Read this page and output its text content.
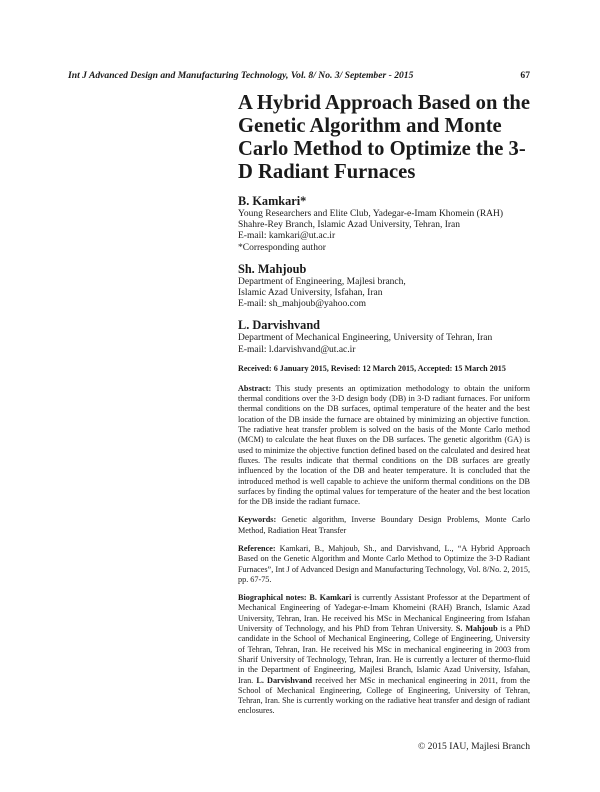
Int J Advanced Design and Manufacturing Technology, Vol. 8/ No. 3/ September - 2015	67
A Hybrid Approach Based on the Genetic Algorithm and Monte Carlo Method to Optimize the 3-D Radiant Furnaces
B. Kamkari*
Young Researchers and Elite Club, Yadegar-e-Imam Khomein (RAH)
Shahre-Rey Branch, Islamic Azad University, Tehran, Iran
E-mail: kamkari@ut.ac.ir
*Corresponding author
Sh. Mahjoub
Department of Engineering, Majlesi branch,
Islamic Azad University, Isfahan, Iran
E-mail: sh_mahjoub@yahoo.com
L. Darvishvand
Department of Mechanical Engineering, University of Tehran, Iran
E-mail: l.darvishvand@ut.ac.ir
Received: 6 January 2015, Revised: 12 March 2015, Accepted: 15 March 2015

Abstract: This study presents an optimization methodology to obtain the uniform thermal conditions over the 3-D design body (DB) in 3-D radiant furnaces. For uniform thermal conditions on the DB surfaces, optimal temperature of the heater and the best location of the DB inside the furnace are obtained by minimizing an objective function. The radiative heat transfer problem is solved on the basis of the Monte Carlo method (MCM) to calculate the heat fluxes on the DB surfaces. The genetic algorithm (GA) is used to minimize the objective function defined based on the calculated and desired heat fluxes. The results indicate that thermal conditions on the DB surfaces are greatly influenced by the location of the DB and heater temperature. It is concluded that the introduced method is well capable to achieve the uniform thermal conditions on the DB surfaces by finding the optimal values for temperature of the heater and the best location for the DB inside the radiant furnace.

Keywords: Genetic algorithm, Inverse Boundary Design Problems, Monte Carlo Method, Radiation Heat Transfer

Reference: Kamkari, B., Mahjoub, Sh., and Darvishvand, L., “A Hybrid Approach Based on the Genetic Algorithm and Monte Carlo Method to Optimize the 3-D Radiant Furnaces”, Int J of Advanced Design and Manufacturing Technology, Vol. 8/No. 2, 2015, pp. 67-75.

Biographical notes: B. Kamkari is currently Assistant Professor at the Department of Mechanical Engineering of Yadegar-e-Imam Khomeini (RAH) Branch, Islamic Azad University, Tehran, Iran. He received his MSc in Mechanical Engineering from Isfahan University of Technology, and his PhD from Tehran University. S. Mahjoub is a PhD candidate in the School of Mechanical Engineering, College of Engineering, University of Tehran, Tehran, Iran. He received his MSc in mechanical engineering in 2003 from Sharif University of Technology, Tehran, Iran. He is currently a lecturer of thermo-fluid in the Department of Engineering, Majlesi Branch, Islamic Azad University, Isfahan, Iran. L. Darvishvand received her MSc in mechanical engineering in 2011, from the School of Mechanical Engineering, College of Engineering, University of Tehran, Tehran, Iran. She is currently working on the radiative heat transfer and design of radiant enclosures.

© 2015 IAU, Majlesi Branch
